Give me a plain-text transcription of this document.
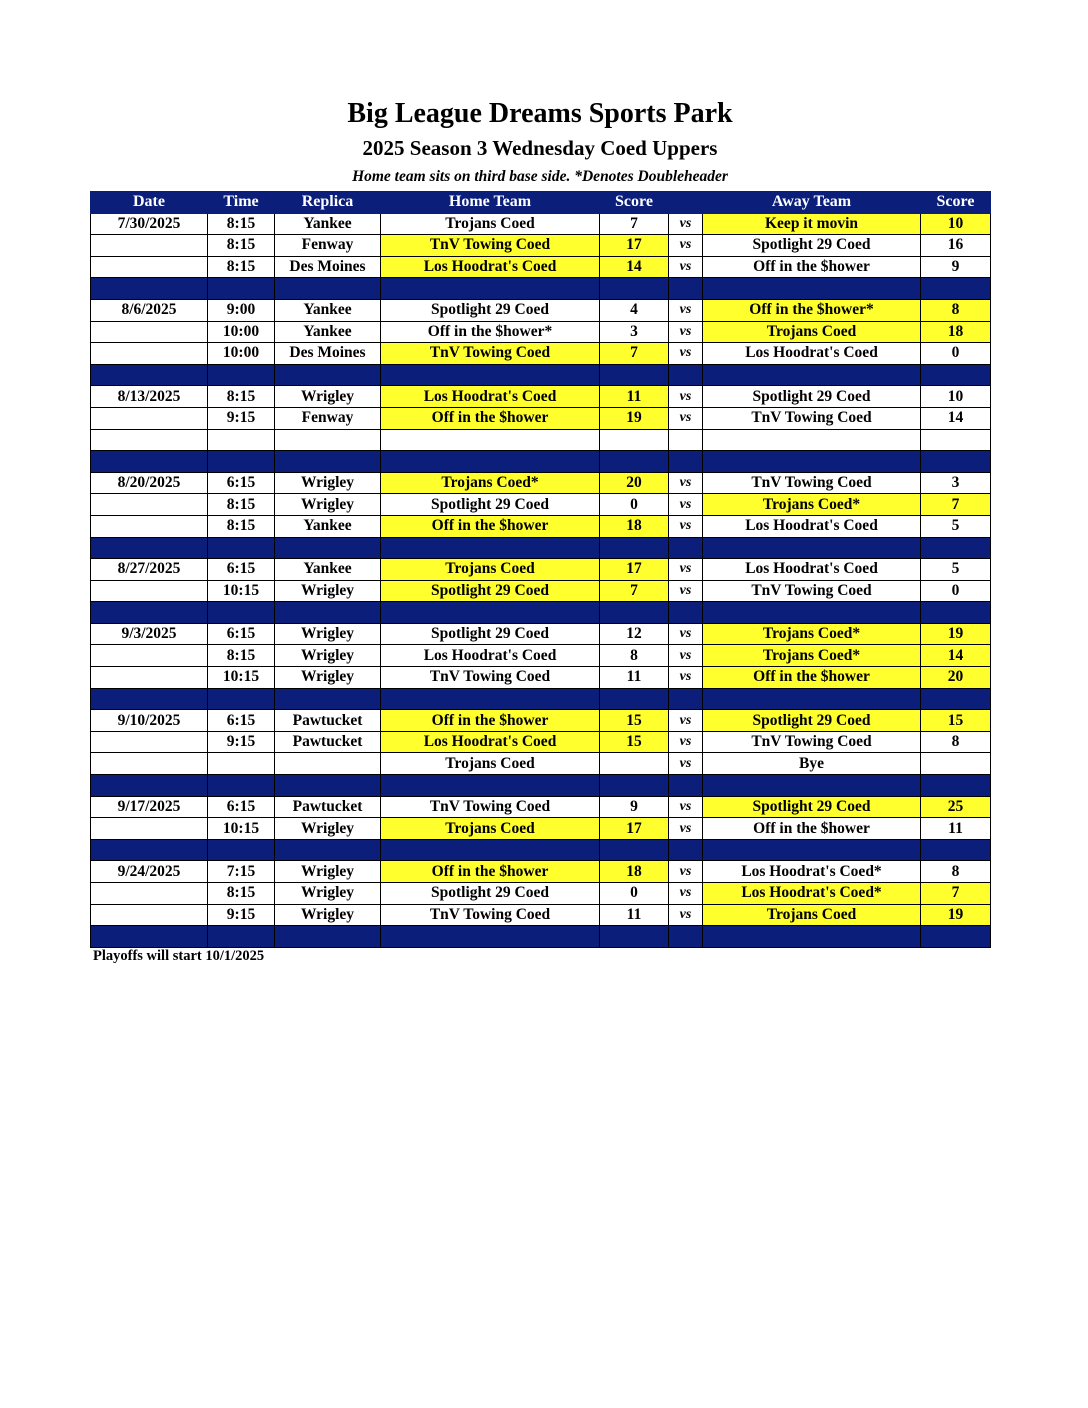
Big League Dreams Sports Park
2025 Season 3 Wednesday Coed Uppers
Home team sits on third base side. *Denotes Doubleheader
Date	Time	Replica	Home Team	Score		Away Team	Score
7/30/2025	8:15	Yankee	Trojans Coed	7	vs	Keep it movin	10
	8:15	Fenway	TnV Towing Coed	17	vs	Spotlight 29 Coed	16
	8:15	Des Moines	Los Hoodrat's Coed	14	vs	Off in the $hower	9

8/6/2025	9:00	Yankee	Spotlight 29 Coed	4	vs	Off in the $hower*	8
	10:00	Yankee	Off in the $hower*	3	vs	Trojans Coed	18
	10:00	Des Moines	TnV Towing Coed	7	vs	Los Hoodrat's Coed	0

8/13/2025	8:15	Wrigley	Los Hoodrat's Coed	11	vs	Spotlight 29 Coed	10
	9:15	Fenway	Off in the $hower	19	vs	TnV Towing Coed	14

8/20/2025	6:15	Wrigley	Trojans Coed*	20	vs	TnV Towing Coed	3
	8:15	Wrigley	Spotlight 29 Coed	0	vs	Trojans Coed*	7
	8:15	Yankee	Off in the $hower	18	vs	Los Hoodrat's Coed	5

8/27/2025	6:15	Yankee	Trojans Coed	17	vs	Los Hoodrat's Coed	5
	10:15	Wrigley	Spotlight 29 Coed	7	vs	TnV Towing Coed	0

9/3/2025	6:15	Wrigley	Spotlight 29 Coed	12	vs	Trojans Coed*	19
	8:15	Wrigley	Los Hoodrat's Coed	8	vs	Trojans Coed*	14
	10:15	Wrigley	TnV Towing Coed	11	vs	Off in the $hower	20

9/10/2025	6:15	Pawtucket	Off in the $hower	15	vs	Spotlight 29 Coed	15
	9:15	Pawtucket	Los Hoodrat's Coed	15	vs	TnV Towing Coed	8
			Trojans Coed		vs	Bye	

9/17/2025	6:15	Pawtucket	TnV Towing Coed	9	vs	Spotlight 29 Coed	25
	10:15	Wrigley	Trojans Coed	17	vs	Off in the $hower	11

9/24/2025	7:15	Wrigley	Off in the $hower	18	vs	Los Hoodrat's Coed*	8
	8:15	Wrigley	Spotlight 29 Coed	0	vs	Los Hoodrat's Coed*	7
	9:15	Wrigley	TnV Towing Coed	11	vs	Trojans Coed	19

Playoffs will start 10/1/2025
